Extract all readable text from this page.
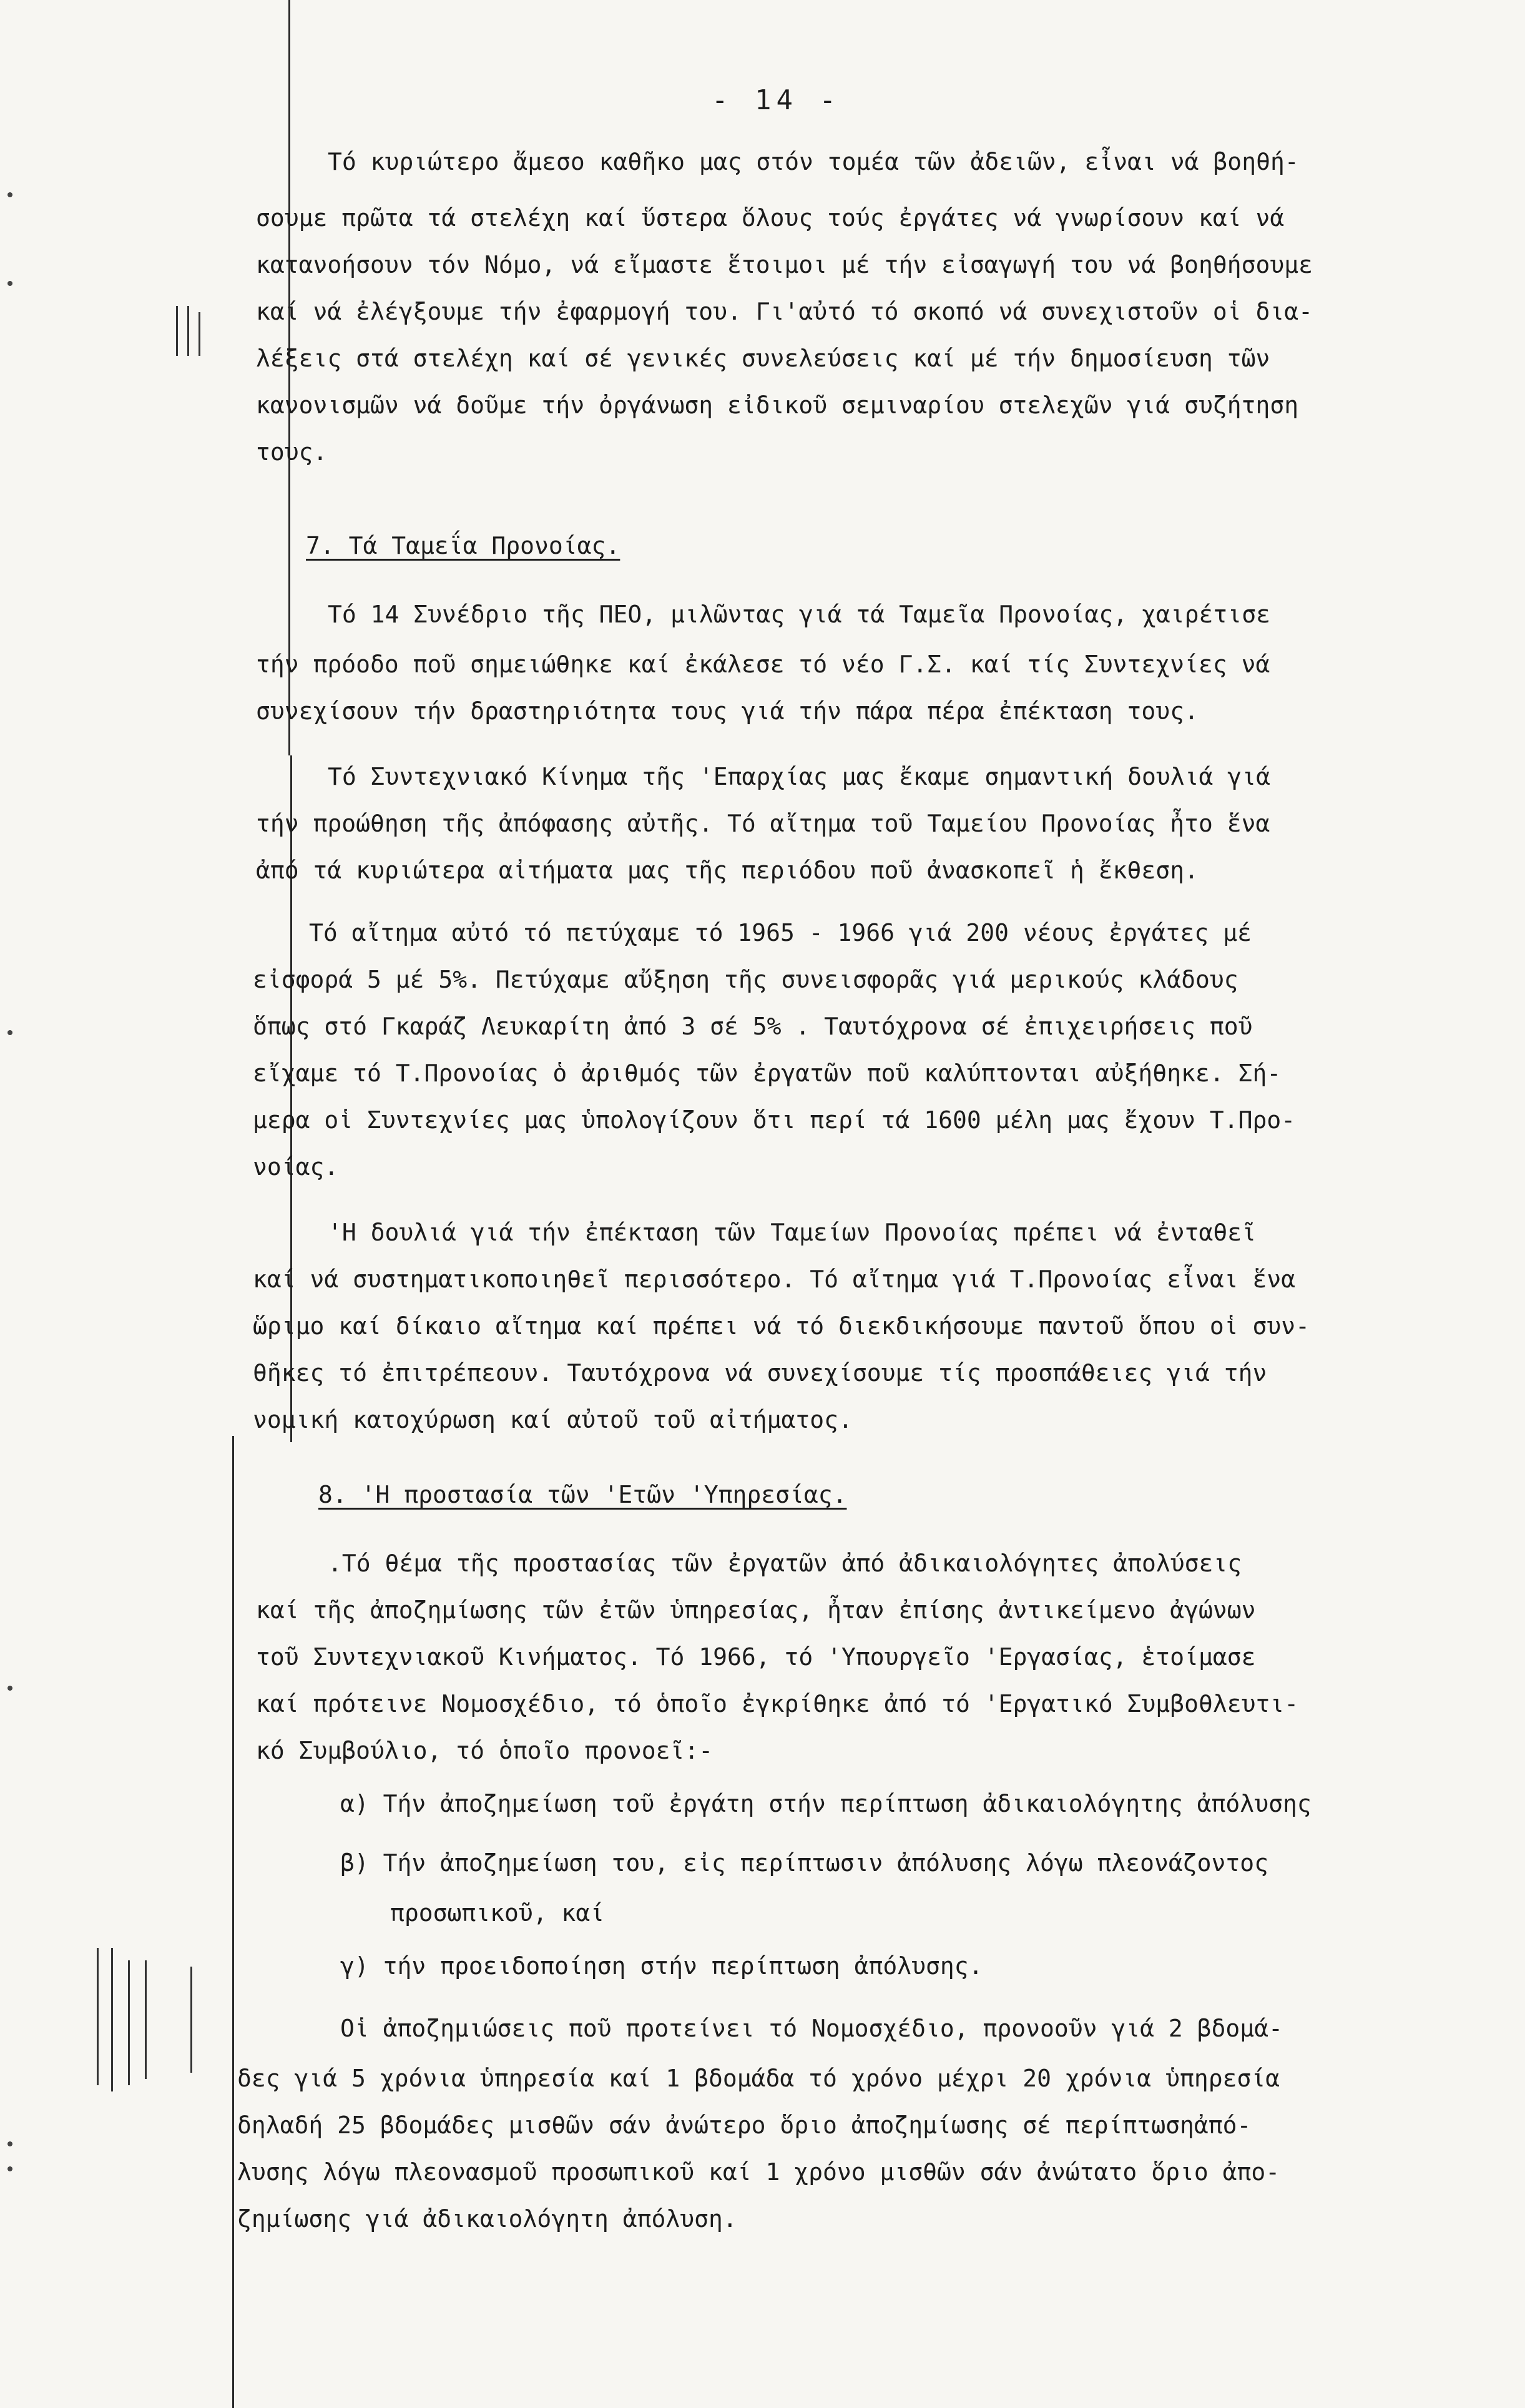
- 14 -
Τό κυριώτερο ἄμεσο καθῆκο μας στόν τομέα τῶν ἀδειῶν, εἶναι νά βοηθή-
σουμε πρῶτα τά στελέχη καί ὕστερα ὅλους τούς ἐργάτες νά γνωρίσουν καί νά
κατανοήσουν τόν Νόμο, νά εἴμαστε ἕτοιμοι μέ τήν εἰσαγωγή του νά βοηθήσουμε
καί νά ἐλέγξουμε τήν ἐφαρμογή του. Γι'αὐτό τό σκοπό νά συνεχιστοῦν οἱ δια-
λέξεις στά στελέχη καί σέ γενικές συνελεύσεις καί μέ τήν δημοσίευση τῶν
κανονισμῶν νά δοῦμε τήν ὀργάνωση εἰδικοῦ σεμιναρίου στελεχῶν γιά συζήτηση
τους.
7. Τά Ταμεΐα Προνοίας.
Τό 14 Συνέδριο τῆς ΠΕΟ, μιλῶντας γιά τά Ταμεῖα Προνοίας, χαιρέτισε
τήν πρόοδο ποῦ σημειώθηκε καί ἐκάλεσε τό νέο Γ.Σ. καί τίς Συντεχνίες νά
συνεχίσουν τήν δραστηριότητα τους γιά τήν πάρα πέρα ἐπέκταση τους.
Τό Συντεχνιακό Κίνημα τῆς 'Επαρχίας μας ἔκαμε σημαντική δουλιά γιά
τήν προώθηση τῆς ἀπόφασης αὐτῆς. Τό αἴτημα τοῦ Ταμείου Προνοίας ἦτο ἕνα
ἀπό τά κυριώτερα αἰτήματα μας τῆς περιόδου ποῦ ἀνασκοπεῖ ἡ ἔκθεση.
Τό αἴτημα αὐτό τό πετύχαμε τό 1965 - 1966 γιά 200 νέους ἐργάτες μέ
εἰσφορά 5 μέ 5%. Πετύχαμε αὔξηση τῆς συνεισφορᾶς γιά μερικούς κλάδους
ὅπως στό Γκαράζ Λευκαρίτη ἀπό 3 σέ 5% . Ταυτόχρονα σέ ἐπιχειρήσεις ποῦ
εἴχαμε τό Τ.Προνοίας ὁ ἀριθμός τῶν ἐργατῶν ποῦ καλύπτονται αὐξήθηκε. Σή-
μερα οἱ Συντεχνίες μας ὑπολογίζουν ὅτι περί τά 1600 μέλη μας ἔχουν Τ.Προ-
νοίας.
'Η δουλιά γιά τήν ἐπέκταση τῶν Ταμείων Προνοίας πρέπει νά ἐνταθεῖ
καί νά συστηματικοποιηθεῖ περισσότερο. Τό αἴτημα γιά Τ.Προνοίας εἶναι ἕνα
ὥριμο καί δίκαιο αἴτημα καί πρέπει νά τό διεκδικήσουμε παντοῦ ὅπου οἱ συν-
θῆκες τό ἐπιτρέπεουν. Ταυτόχρονα νά συνεχίσουμε τίς προσπάθειες γιά τήν
νομική κατοχύρωση καί αὐτοῦ τοῦ αἰτήματος.
8. 'Η προστασία τῶν 'Ετῶν 'Υπηρεσίας.
.Τό θέμα τῆς προστασίας τῶν ἐργατῶν ἀπό ἀδικαιολόγητες ἀπολύσεις
καί τῆς ἀποζημίωσης τῶν ἐτῶν ὑπηρεσίας, ἦταν ἐπίσης ἀντικείμενο ἀγώνων
τοῦ Συντεχνιακοῦ Κινήματος. Τό 1966, τό 'Υπουργεῖο 'Εργασίας, ἑτοίμασε
καί πρότεινε Νομοσχέδιο, τό ὁποῖο ἐγκρίθηκε ἀπό τό 'Εργατικό Συμβοθλευτι-
κό Συμβούλιο, τό ὁποῖο προνοεῖ:-
α) Τήν ἀποζημείωση τοῦ ἐργάτη στήν περίπτωση ἀδικαιολόγητης ἀπόλυσης
β) Τήν ἀποζημείωση του, εἰς περίπτωσιν ἀπόλυσης λόγω πλεονάζοντος
προσωπικοῦ, καί
γ) τήν προειδοποίηση στήν περίπτωση ἀπόλυσης.
Οἱ ἀποζημιώσεις ποῦ προτείνει τό Νομοσχέδιο, προνοοῦν γιά 2 βδομά-
δες γιά 5 χρόνια ὑπηρεσία καί 1 βδομάδα τό χρόνο μέχρι 20 χρόνια ὑπηρεσία
δηλαδή 25 βδομάδες μισθῶν σάν ἀνώτερο ὅριο ἀποζημίωσης σέ περίπτωσηἀπό-
λυσης λόγω πλεονασμοῦ προσωπικοῦ καί 1 χρόνο μισθῶν σάν ἀνώτατο ὅριο ἀπο-
ζημίωσης γιά ἀδικαιολόγητη ἀπόλυση.
